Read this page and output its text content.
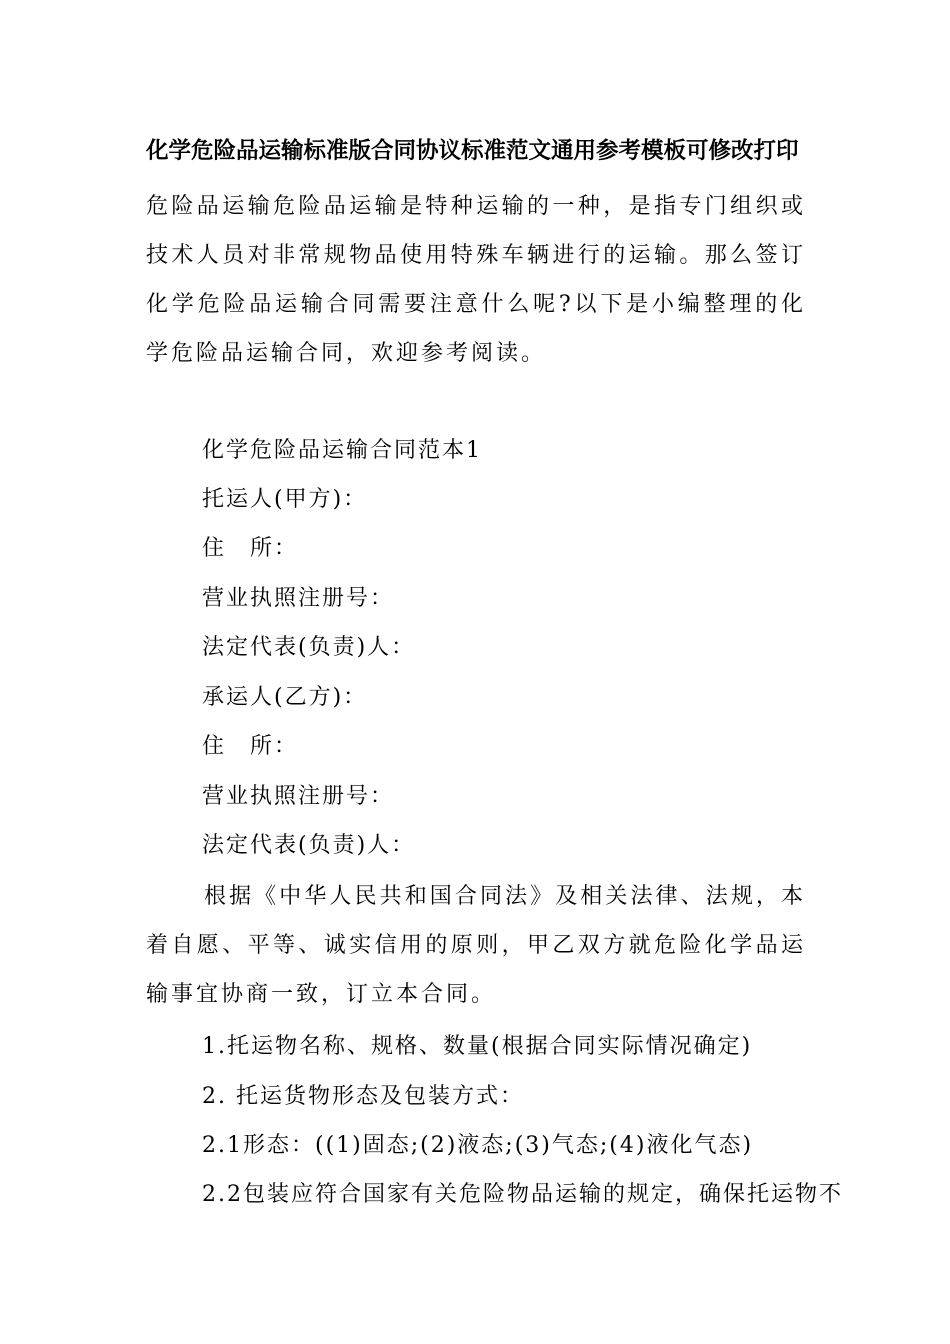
化学危险品运输标准版合同协议标准范文通用参考模板可修改打印
危险品运输危险品运输是特种运输的一种，是指专门组织或技术人员对非常规物品使用特殊车辆进行的运输。那么签订化学危险品运输合同需要注意什么呢?以下是小编整理的化学危险品运输合同，欢迎参考阅读。
化学危险品运输合同范本1
托运人(甲方)：
住　所：
营业执照注册号：
法定代表(负责)人：
承运人(乙方)：
住　所：
营业执照注册号：
法定代表(负责)人：
根据《中华人民共和国合同法》及相关法律、法规，本着自愿、平等、诚实信用的原则，甲乙双方就危险化学品运输事宜协商一致，订立本合同。
1.托运物名称、规格、数量(根据合同实际情况确定)
2. 托运货物形态及包装方式：
2.1形态：((1)固态;(2)液态;(3)气态;(4)液化气态)
2.2包装应符合国家有关危险物品运输的规定，确保托运物不
